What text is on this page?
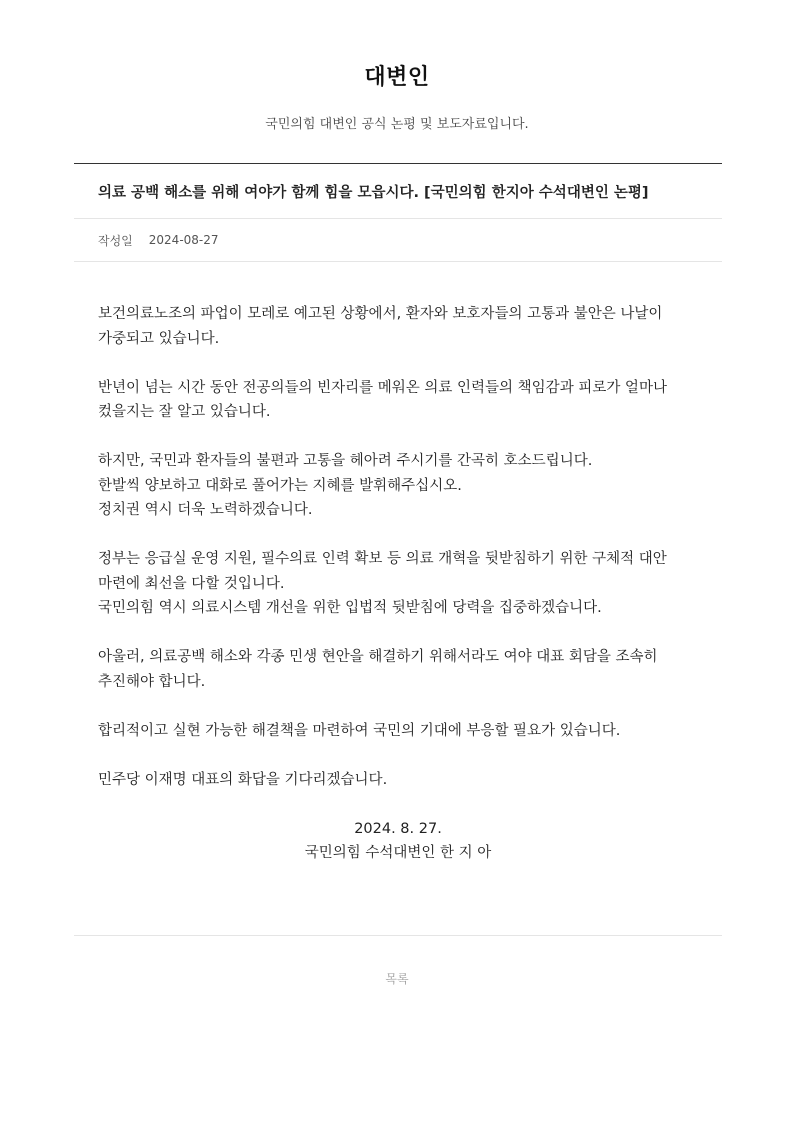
대변인

국민의힘 대변인 공식 논평 및 보도자료입니다.

의료 공백 해소를 위해 여야가 함께 힘을 모읍시다. [국민의힘 한지아 수석대변인 논평]
작성일 2024-08-27

보건의료노조의 파업이 모레로 예고된 상황에서, 환자와 보호자들의 고통과 불안은 나날이
가중되고 있습니다.

반년이 넘는 시간 동안 전공의들의 빈자리를 메워온 의료 인력들의 책임감과 피로가 얼마나
컸을지는 잘 알고 있습니다.

하지만, 국민과 환자들의 불편과 고통을 헤아려 주시기를 간곡히 호소드립니다.
한발씩 양보하고 대화로 풀어가는 지혜를 발휘해주십시오.
정치권 역시 더욱 노력하겠습니다.

정부는 응급실 운영 지원, 필수의료 인력 확보 등 의료 개혁을 뒷받침하기 위한 구체적 대안
마련에 최선을 다할 것입니다.
국민의힘 역시 의료시스템 개선을 위한 입법적 뒷받침에 당력을 집중하겠습니다.

아울러, 의료공백 해소와 각종 민생 현안을 해결하기 위해서라도 여야 대표 회담을 조속히
추진해야 합니다.

합리적이고 실현 가능한 해결책을 마련하여 국민의 기대에 부응할 필요가 있습니다.

민주당 이재명 대표의 화답을 기다리겠습니다.

2024. 8. 27.
국민의힘 수석대변인 한 지 아
목록
